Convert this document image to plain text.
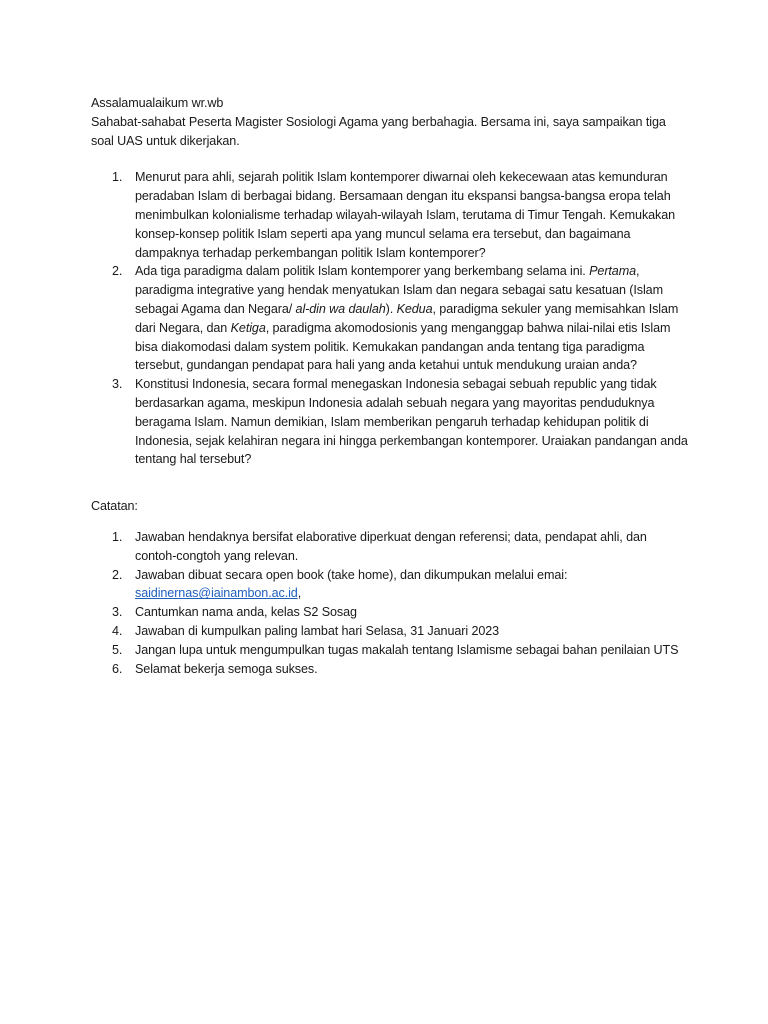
Assalamualaikum wr.wb

Sahabat-sahabat Peserta Magister Sosiologi Agama yang berbahagia. Bersama ini, saya sampaikan tiga soal UAS untuk dikerjakan.

1. Menurut para ahli, sejarah politik Islam kontemporer diwarnai oleh kekecewaan atas kemunduran peradaban Islam di berbagai bidang. Bersamaan dengan itu ekspansi bangsa-bangsa eropa telah menimbulkan kolonialisme terhadap wilayah-wilayah Islam, terutama di Timur Tengah. Kemukakan konsep-konsep politik Islam seperti apa yang muncul selama era tersebut, dan bagaimana dampaknya terhadap perkembangan politik Islam kontemporer?
2. Ada tiga paradigma dalam politik Islam kontemporer yang berkembang selama ini. Pertama, paradigma integrative yang hendak menyatukan Islam dan negara sebagai satu kesatuan (Islam sebagai Agama dan Negara/ al-din wa daulah). Kedua, paradigma sekuler yang memisahkan Islam dari Negara, dan Ketiga, paradigma akomodosionis yang menganggap bahwa nilai-nilai etis Islam bisa diakomodasi dalam system politik. Kemukakan pandangan anda tentang tiga paradigma tersebut, gundangan pendapat para hali yang anda ketahui untuk mendukung uraian anda?
3. Konstitusi Indonesia, secara formal menegaskan Indonesia sebagai sebuah republic yang tidak berdasarkan agama, meskipun Indonesia adalah sebuah negara yang mayoritas penduduknya beragama Islam. Namun demikian, Islam memberikan pengaruh terhadap kehidupan politik di Indonesia, sejak kelahiran negara ini hingga perkembangan kontemporer. Uraiakan pandangan anda tentang hal tersebut?

Catatan:

1. Jawaban hendaknya bersifat elaborative diperkuat dengan referensi; data, pendapat ahli, dan contoh-congtoh yang relevan.
2. Jawaban dibuat secara open book (take home), dan dikumpukan melalui emai:
saidinernas@iainambon.ac.id,
3. Cantumkan nama anda, kelas S2 Sosag
4. Jawaban di kumpulkan paling lambat hari Selasa, 31 Januari 2023
5. Jangan lupa untuk mengumpulkan tugas makalah tentang Islamisme sebagai bahan penilaian UTS
6. Selamat bekerja semoga sukses.
